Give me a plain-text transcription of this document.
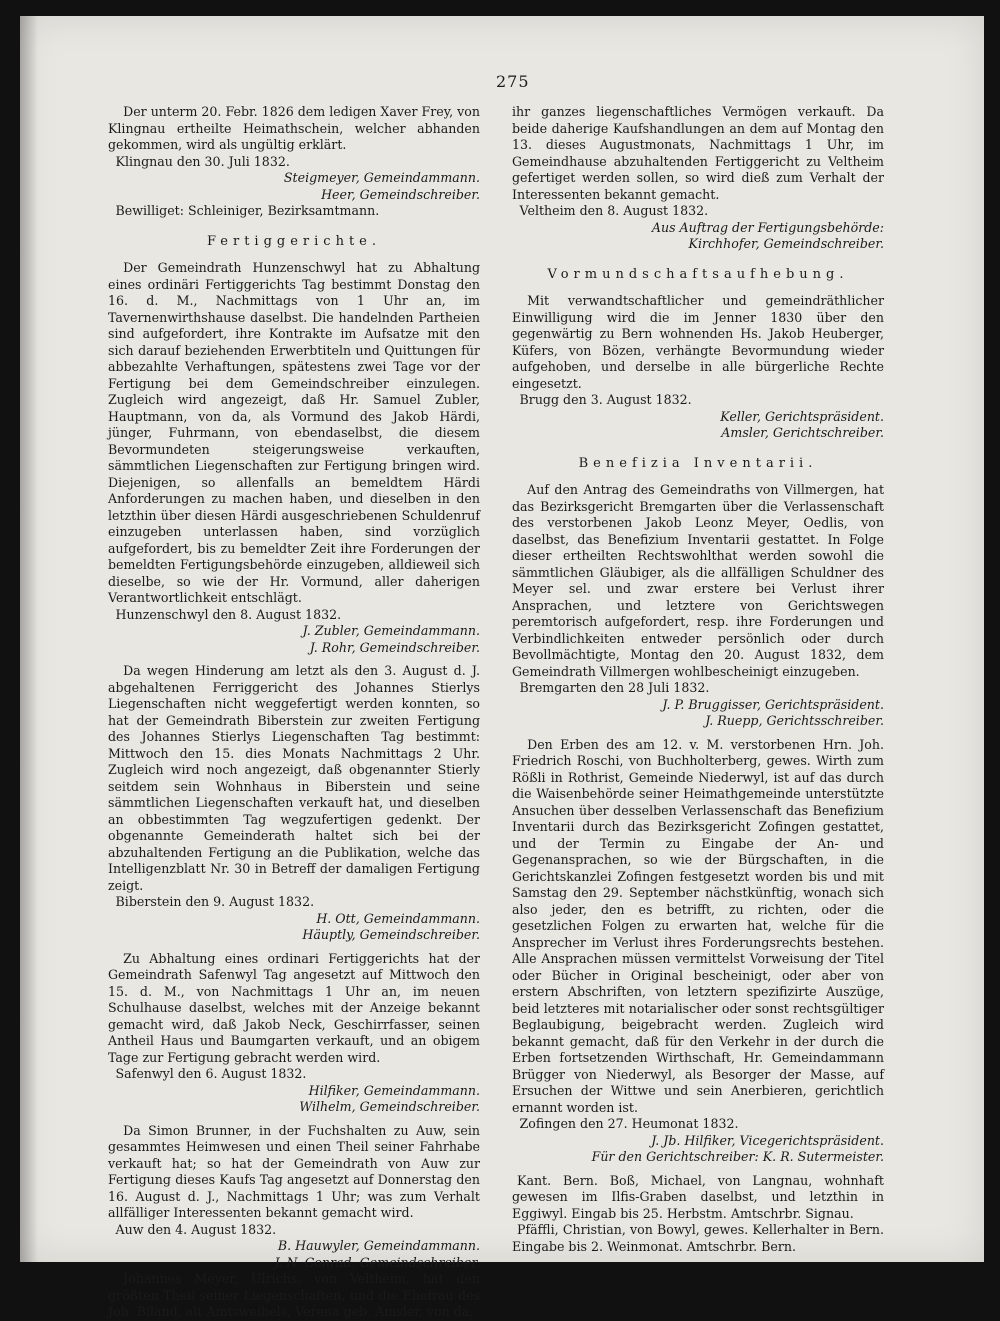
275

Der unterm 20. Febr. 1826 dem ledigen Xaver Frey, von Klingnau ertheilte Heimathschein, welcher abhanden gekommen, wird als ungültig erklärt.

Klingnau den 30. Juli 1832.
Steigmeyer, Gemeindammann.
Heer, Gemeindschreiber.
Bewilliget: Schleiniger, Bezirksamtmann.
Fertiggerichte.

Der Gemeindrath Hunzenschwyl hat zu Abhaltung eines ordinäri Fertiggerichts Tag bestimmt Donstag den 16. d. M., Nachmittags von 1 Uhr an, im Tavernenwirthshause daselbst. Die handelnden Partheien sind aufgefordert, ihre Kontrakte im Aufsatze mit den sich darauf beziehenden Erwerbtiteln und Quittungen für abbezahlte Verhaftungen, spätestens zwei Tage vor der Fertigung bei dem Gemeindschreiber einzulegen. Zugleich wird angezeigt, daß Hr. Samuel Zubler, Hauptmann, von da, als Vormund des Jakob Härdi, jünger, Fuhrmann, von ebendaselbst, die diesem Bevormundeten steigerungsweise verkauften, sämmtlichen Liegenschaften zur Fertigung bringen wird. Diejenigen, so allenfalls an bemeldtem Härdi Anforderungen zu machen haben, und dieselben in den letzthin über diesen Härdi ausgeschriebenen Schuldenruf einzugeben unterlassen haben, sind vorzüglich aufgefordert, bis zu bemeldter Zeit ihre Forderungen der bemeldten Fertigungsbehörde einzugeben, alldieweil sich dieselbe, so wie der Hr. Vormund, aller daherigen Verantwortlichkeit entschlägt.

Hunzenschwyl den 8. August 1832.
J. Zubler, Gemeindammann.
J. Rohr, Gemeindschreiber.

Da wegen Hinderung am letzt als den 3. August d. J. abgehaltenen Ferriggericht des Johannes Stierlys Liegenschaften nicht weggefertigt werden konnten, so hat der Gemeindrath Biberstein zur zweiten Fertigung des Johannes Stierlys Liegenschaften Tag bestimmt: Mittwoch den 15. dies Monats Nachmittags 2 Uhr. Zugleich wird noch angezeigt, daß obgenannter Stierly seitdem sein Wohnhaus in Biberstein und seine sämmtlichen Liegenschaften verkauft hat, und dieselben an obbestimmten Tag wegzufertigen gedenkt. Der obgenannte Gemeinderath haltet sich bei der abzuhaltenden Fertigung an die Publikation, welche das Intelligenzblatt Nr. 30 in Betreff der damaligen Fertigung zeigt.

Biberstein den 9. August 1832.
H. Ott, Gemeindammann.
Häuptly, Gemeindschreiber.

Zu Abhaltung eines ordinari Fertiggerichts hat der Gemeindrath Safenwyl Tag angesetzt auf Mittwoch den 15. d. M., von Nachmittags 1 Uhr an, im neuen Schulhause daselbst, welches mit der Anzeige bekannt gemacht wird, daß Jakob Neck, Geschirrfasser, seinen Antheil Haus und Baumgarten verkauft, und an obigem Tage zur Fertigung gebracht werden wird.

Safenwyl den 6. August 1832.
Hilfiker, Gemeindammann.
Wilhelm, Gemeindschreiber.

Da Simon Brunner, in der Fuchshalten zu Auw, sein gesammtes Heimwesen und einen Theil seiner Fahrhabe verkauft hat; so hat der Gemeindrath von Auw zur Fertigung dieses Kaufs Tag angesetzt auf Donnerstag den 16. August d. J., Nachmittags 1 Uhr; was zum Verhalt allfälliger Interessenten bekannt gemacht wird.

Auw den 4. August 1832.
B. Hauwyler, Gemeindammann.
J. N. Conrad, Gemeindschreiber.

Johannes Meyer, Ulrichs, von Veltheim, hat den größten Theil seiner Liegenschaften, und die Ehefrau des Joh. Biland, alt Amtsweibels, Verena geb. Amsler, von da,

ihr ganzes liegenschaftliches Vermögen verkauft. Da beide daherige Kaufshandlungen an dem auf Montag den 13. dieses Augustmonats, Nachmittags 1 Uhr, im Gemeindhause abzuhaltenden Fertiggericht zu Veltheim gefertiget werden sollen, so wird dieß zum Verhalt der Interessenten bekannt gemacht.

Veltheim den 8. August 1832.
Aus Auftrag der Fertigungsbehörde:
Kirchhofer, Gemeindschreiber.
Vormundschaftsaufhebung.

Mit verwandtschaftlicher und gemeindräthlicher Einwilligung wird die im Jenner 1830 über den gegenwärtig zu Bern wohnenden Hs. Jakob Heuberger, Küfers, von Bözen, verhängte Bevormundung wieder aufgehoben, und derselbe in alle bürgerliche Rechte eingesetzt.

Brugg den 3. August 1832.
Keller, Gerichtspräsident.
Amsler, Gerichtschreiber.
Benefizia Inventarii.

Auf den Antrag des Gemeindraths von Villmergen, hat das Bezirksgericht Bremgarten über die Verlassenschaft des verstorbenen Jakob Leonz Meyer, Oedlis, von daselbst, das Benefizium Inventarii gestattet. In Folge dieser ertheilten Rechtswohlthat werden sowohl die sämmtlichen Gläubiger, als die allfälligen Schuldner des Meyer sel. und zwar erstere bei Verlust ihrer Ansprachen, und letztere von Gerichtswegen peremtorisch aufgefordert, resp. ihre Forderungen und Verbindlichkeiten entweder persönlich oder durch Bevollmächtigte, Montag den 20. August 1832, dem Gemeindrath Villmergen wohlbescheinigt einzugeben.

Bremgarten den 28 Juli 1832.
J. P. Bruggisser, Gerichtspräsident.
J. Ruepp, Gerichtsschreiber.

Den Erben des am 12. v. M. verstorbenen Hrn. Joh. Friedrich Roschi, von Buchholterberg, gewes. Wirth zum Rößli in Rothrist, Gemeinde Niederwyl, ist auf das durch die Waisenbehörde seiner Heimathgemeinde unterstützte Ansuchen über desselben Verlassenschaft das Benefizium Inventarii durch das Bezirksgericht Zofingen gestattet, und der Termin zu Eingabe der An- und Gegenansprachen, so wie der Bürgschaften, in die Gerichtskanzlei Zofingen festgesetzt worden bis und mit Samstag den 29. September nächstkünftig, wonach sich also jeder, den es betrifft, zu richten, oder die gesetzlichen Folgen zu erwarten hat, welche für die Ansprecher im Verlust ihres Forderungsrechts bestehen. Alle Ansprachen müssen vermittelst Vorweisung der Titel oder Bücher in Original bescheinigt, oder aber von erstern Abschriften, von letztern spezifizirte Auszüge, beid letzteres mit notarialischer oder sonst rechtsgültiger Beglaubigung, beigebracht werden. Zugleich wird bekannt gemacht, daß für den Verkehr in der durch die Erben fortsetzenden Wirthschaft, Hr. Gemeindammann Brügger von Niederwyl, als Besorger der Masse, auf Ersuchen der Wittwe und sein Anerbieren, gerichtlich ernannt worden ist.

Zofingen den 27. Heumonat 1832.
J. Jb. Hilfiker, Vicegerichtspräsident.
Für den Gerichtschreiber: K. R. Sutermeister.

Kant. Bern. Boß, Michael, von Langnau, wohnhaft gewesen im Ilfis-Graben daselbst, und letzthin in Eggiwyl. Eingab bis 25. Herbstm. Amtschrbr. Signau.

Pfäffli, Christian, von Bowyl, gewes. Kellerhalter in Bern. Eingabe bis 2. Weinmonat. Amtschrbr. Bern.
